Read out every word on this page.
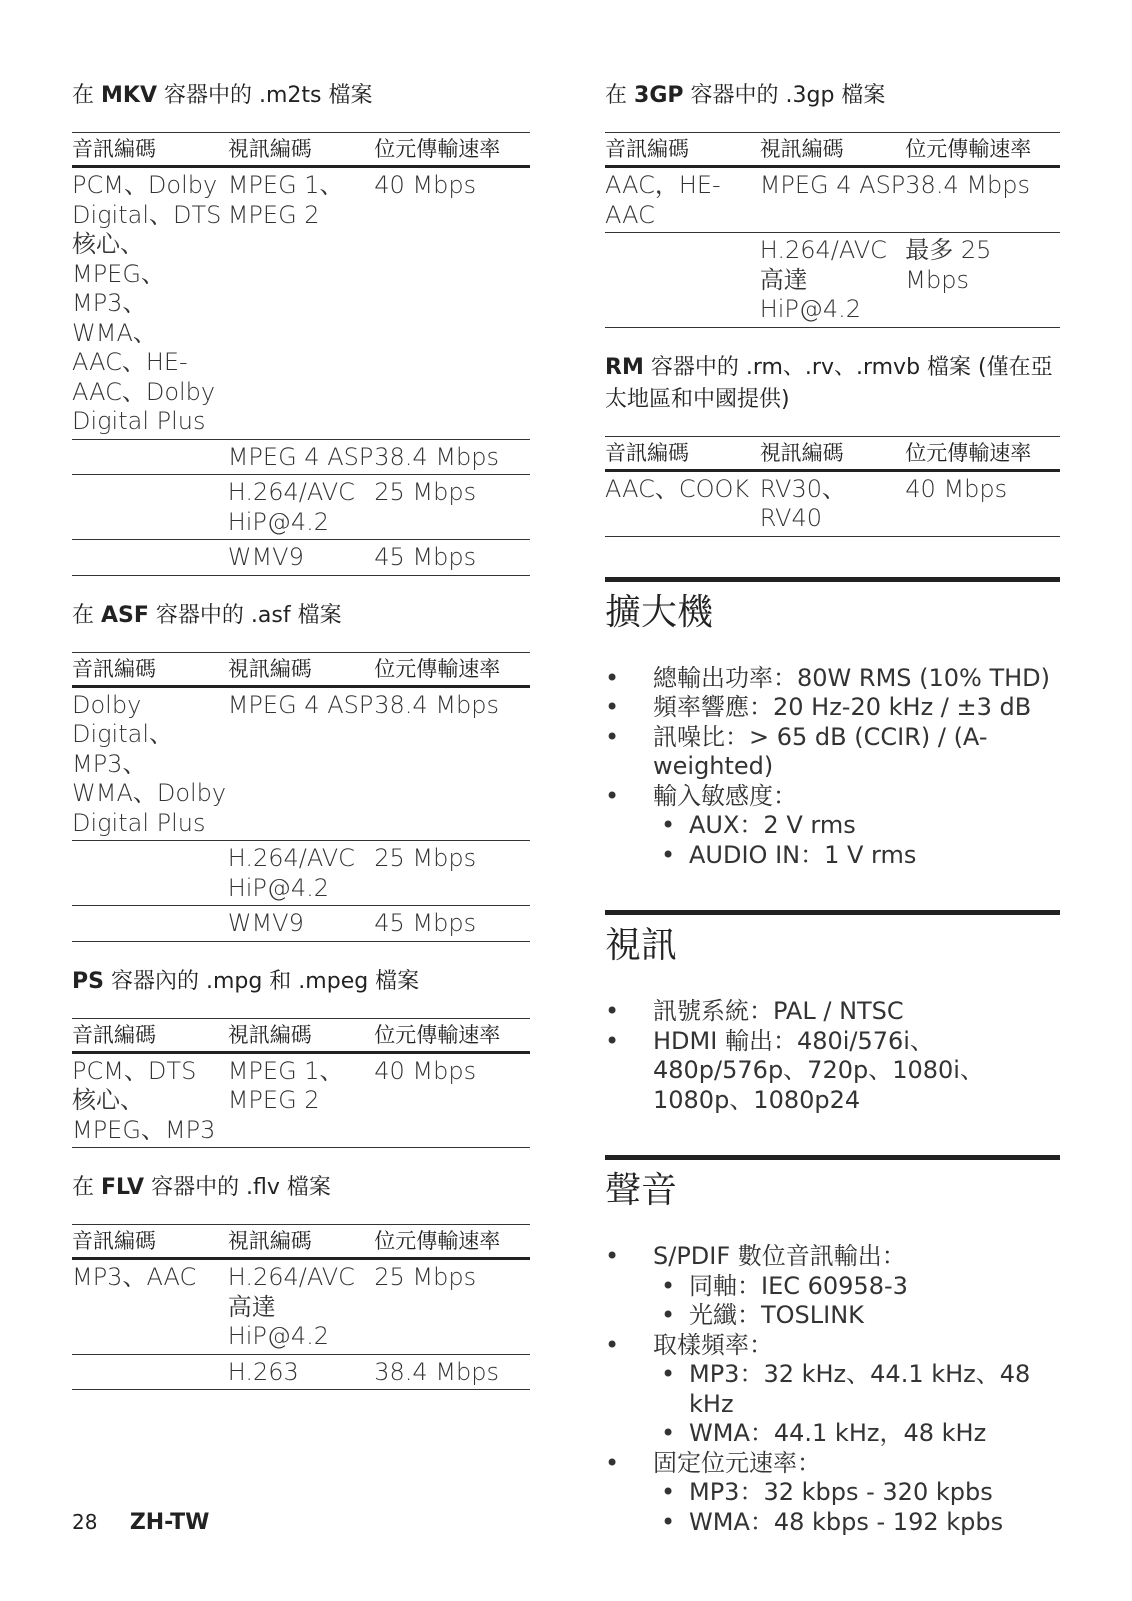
在 MKV 容器中的 .m2ts 檔案
音訊編碼	視訊編碼	位元傳輸速率
PCM、Dolby Digital、DTS 核心、MPEG、MP3、WMA、AAC、HE-AAC、Dolby Digital Plus	MPEG 1、MPEG 2	40 Mbps
	MPEG 4 ASP	38.4 Mbps
	H.264/AVC HiP@4.2	25 Mbps
	WMV9	45 Mbps
在 ASF 容器中的 .asf 檔案
音訊編碼	視訊編碼	位元傳輸速率
Dolby Digital、MP3、WMA、Dolby Digital Plus	MPEG 4 ASP	38.4 Mbps
	H.264/AVC HiP@4.2	25 Mbps
	WMV9	45 Mbps
PS 容器內的 .mpg 和 .mpeg 檔案
音訊編碼	視訊編碼	位元傳輸速率
PCM、DTS 核心、MPEG、MP3	MPEG 1、MPEG 2	40 Mbps
在 FLV 容器中的 .flv 檔案
音訊編碼	視訊編碼	位元傳輸速率
MP3、AAC	H.264/AVC 高達 HiP@4.2	25 Mbps
	H.263	38.4 Mbps
在 3GP 容器中的 .3gp 檔案
音訊編碼	視訊編碼	位元傳輸速率
AAC，HE-AAC	MPEG 4 ASP	38.4 Mbps
	H.264/AVC 高達 HiP@4.2	最多 25 Mbps
RM 容器中的 .rm、.rv、.rmvb 檔案 (僅在亞太地區和中國提供)
音訊編碼	視訊編碼	位元傳輸速率
AAC、COOK	RV30、RV40	40 Mbps
擴大機
• 總輸出功率：80W RMS (10% THD)
• 頻率響應：20 Hz-20 kHz / ±3 dB
• 訊噪比：> 65 dB (CCIR) / (A-weighted)
• 輸入敏感度：
• AUX：2 V rms
• AUDIO IN：1 V rms
視訊
• 訊號系統：PAL / NTSC
• HDMI 輸出：480i/576i、480p/576p、720p、1080i、1080p、1080p24
聲音
• S/PDIF 數位音訊輸出：
• 同軸：IEC 60958-3
• 光纖：TOSLINK
• 取樣頻率：
• MP3：32 kHz、44.1 kHz、48 kHz
• WMA：44.1 kHz，48 kHz
• 固定位元速率：
• MP3：32 kbps - 320 kpbs
• WMA：48 kbps - 192 kpbs
28 ZH-TW
